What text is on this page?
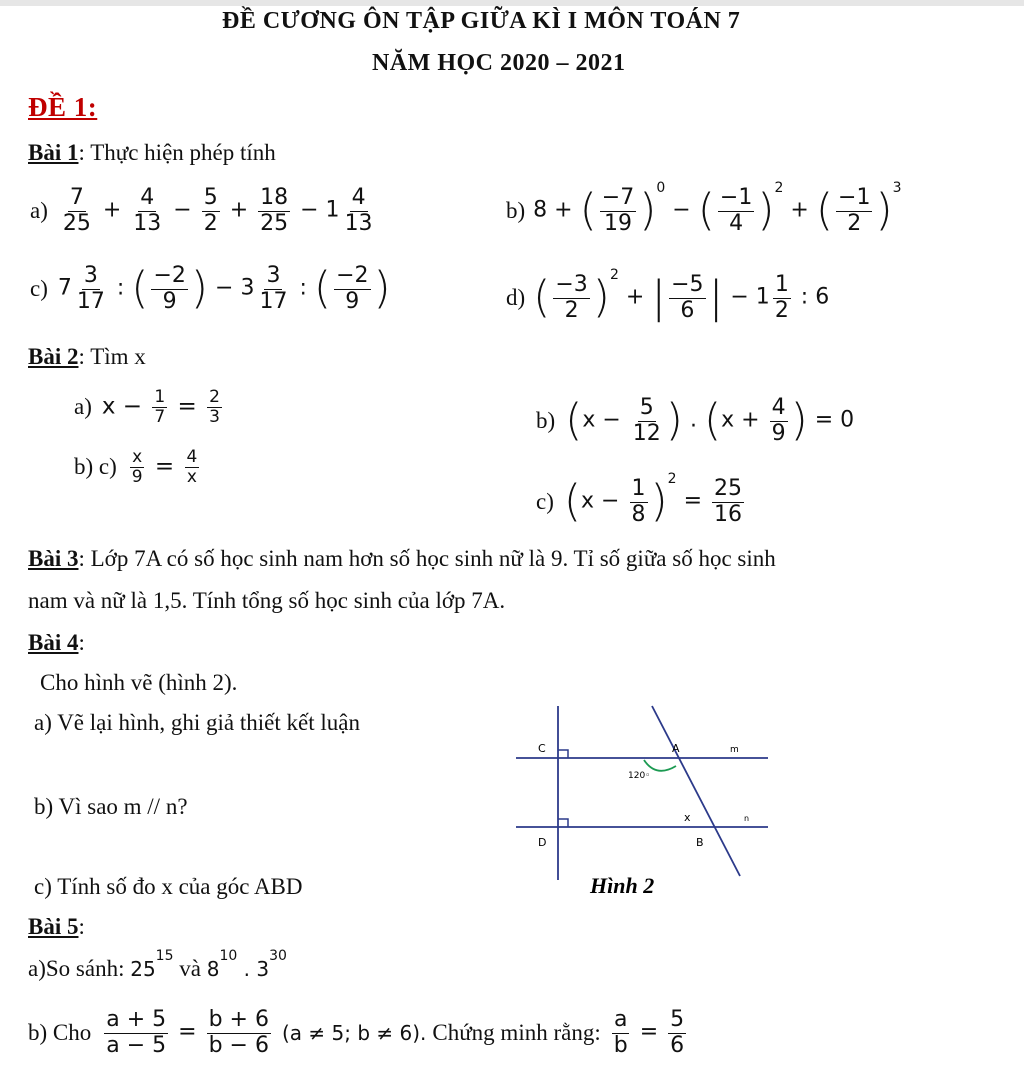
ĐỀ CƯƠNG ÔN TẬP GIỮA KÌ I MÔN TOÁN 7
NĂM HỌC 2020 – 2021
ĐỀ 1:
Bài 1: Thực hiện phép tính
$a) \frac{7}{25} + \frac{4}{13} - \frac{5}{2} + \frac{18}{25} - 1 \frac{4}{13}$	b) 8 + ( $\frac{-7}{19} )^0$ − ( $\frac{-1}{4} )^2$ + ( $\frac{-1}{2} )^3$
c) $7 \frac{3}{17}$ : ( $\frac{-2}{9}$ ) − $3 \frac{3}{17}$ : ( $\frac{-2}{9}$ )	d) ( $\frac{-3}{2} )^2$ + | $\frac{-5}{6}$ | − $1 \frac{1}{2}$ : 6
Bài 2: Tìm x
a) $x - \frac{1}{7} = \frac{2}{3}$	b) ($x - \frac{5}{12}$ ) . ($x + \frac{4}{9}$ ) = 0
b) $c) \frac{x}{9} = \frac{4}{x}$
c) $(x - \frac{1}{8} )^2 = \frac{25}{16}$
Bài 3: Lớp 7A có số học sinh nam hơn số học sinh nữ là 9. Tỉ số giữa số học sinh
nam và nữ là 1,5. Tính tổng số học sinh của lớp 7A.
Bài 4:
Cho hình vẽ (hình 2).
a) Vẽ lại hình, ghi giả thiết kết luận
b) Vì sao m // n?
c) Tính số đo x của góc ABD
C	A	m
120◦
x	n
D	B
Hình 2
Bài 5:
a)So sánh: $25^{15}$ và $8^{10}$ . $3^{30}$
b) Cho $\frac{a + 5}{a - 5} = \frac{b + 6}{b - 6} (a \ne 5$; b ≠ 6). Chứng minh rằng: $\frac{a}{b} = \frac{5}{6}$
